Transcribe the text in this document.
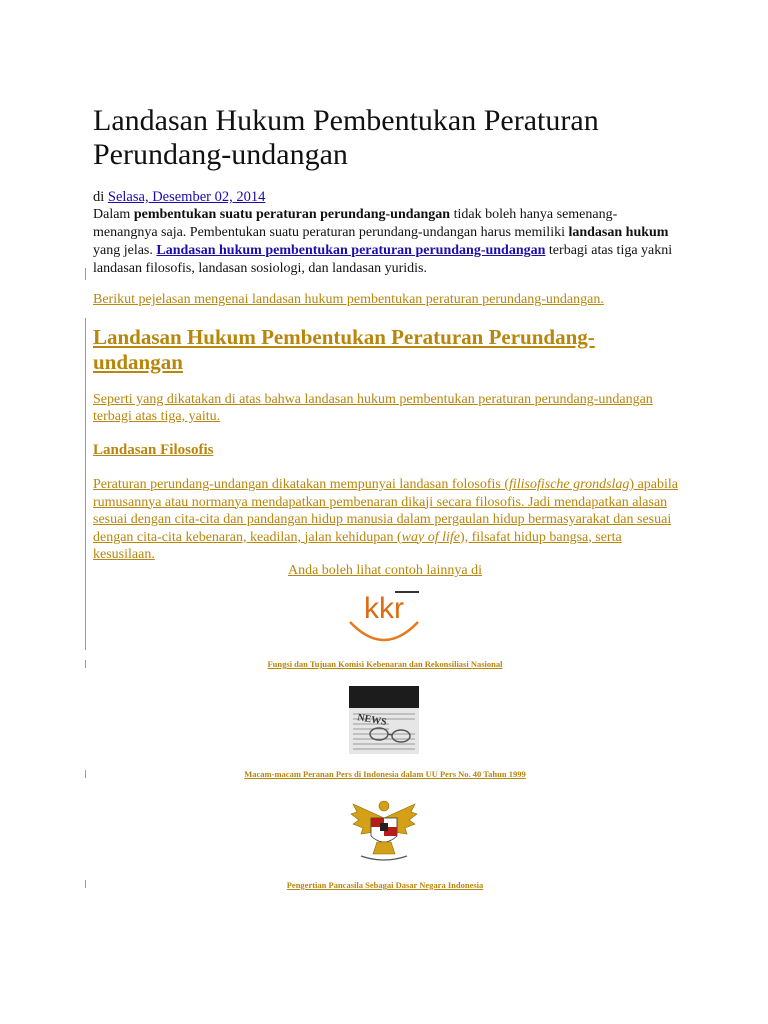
Landasan Hukum Pembentukan Peraturan Perundang-undangan
di Selasa, Desember 02, 2014
Dalam pembentukan suatu peraturan perundang-undangan tidak boleh hanya semenang-menangnya saja. Pembentukan suatu peraturan perundang-undangan harus memiliki landasan hukum yang jelas. Landasan hukum pembentukan peraturan perundang-undangan terbagi atas tiga yakni landasan filosofis, landasan sosiologi, dan landasan yuridis.
Berikut pejelasan mengenai landasan hukum pembentukan peraturan perundang-undangan.
Landasan Hukum Pembentukan Peraturan Perundang-undangan
Seperti yang dikatakan di atas bahwa landasan hukum pembentukan peraturan perundang-undangan terbagi atas tiga, yaitu.
Landasan Filosofis
Peraturan perundang-undangan dikatakan mempunyai landasan folosofis (filisofische grondslag) apabila rumusannya atau normanya mendapatkan pembenaran dikaji secara filosofis. Jadi mendapatkan alasan sesuai dengan cita-cita dan pandangan hidup manusia dalam pergaulan hidup bermasyarakat dan sesuai dengan cita-cita kebenaran, keadilan, jalan kehidupan (way of life), filsafat hidup bangsa, serta kesusilaan.
Anda boleh lihat contoh lainnya di
kkr
Fungsi dan Tujuan Komisi Kebenaran dan Rekonsiliasi Nasional
NEWS
Macam-macam Peranan Pers di Indonesia dalam UU Pers No. 40 Tahun 1999
Pengertian Pancasila Sebagai Dasar Negara Indonesia
